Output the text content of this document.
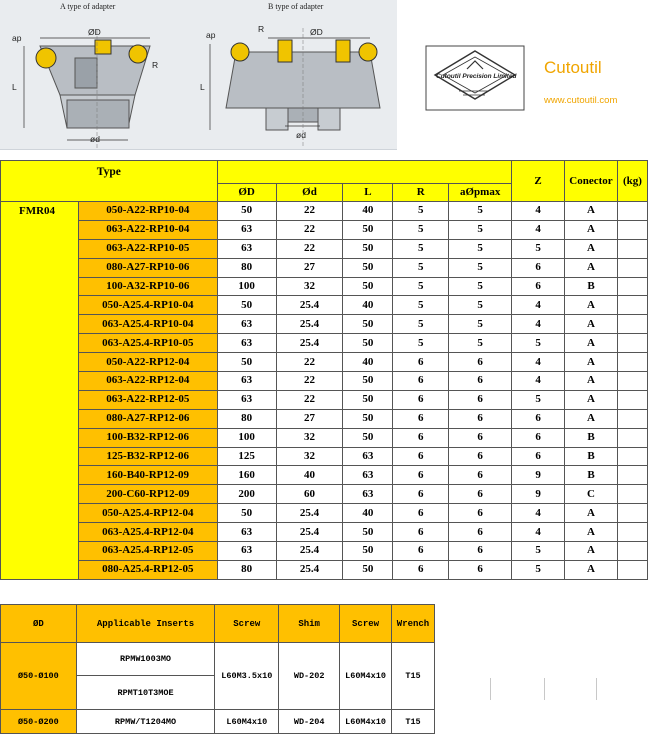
A type of adapter	B type of adapter
ap
ØD
R
L
ød
ap
R	ØD
L
ød
Cutoutil Precision Limited Cutoutil
www.cutoutil.com
Type							Z	Conector	(kg)
		ØD	Ød	L	R	aØpmax			
FMR04	050-A22-RP10-04	50	22	40	5	5	4	A	
	063-A22-RP10-04	63	22	50	5	5	4	A	
	063-A22-RP10-05	63	22	50	5	5	5	A	
	080-A27-RP10-06	80	27	50	5	5	6	A	
	100-A32-RP10-06	100	32	50	5	5	6	B	
	050-A25.4-RP10-04	50	25.4	40	5	5	4	A	
	063-A25.4-RP10-04	63	25.4	50	5	5	4	A	
	063-A25.4-RP10-05	63	25.4	50	5	5	5	A	
	050-A22-RP12-04	50	22	40	6	6	4	A	
	063-A22-RP12-04	63	22	50	6	6	4	A	
	063-A22-RP12-05	63	22	50	6	6	5	A	
	080-A27-RP12-06	80	27	50	6	6	6	A	
	100-B32-RP12-06	100	32	50	6	6	6	B	
	125-B32-RP12-06	125	32	63	6	6	6	B	
	160-B40-RP12-09	160	40	63	6	6	9	B	
	200-C60-RP12-09	200	60	63	6	6	9	C	
	050-A25.4-RP12-04	50	25.4	40	6	6	4	A	
	063-A25.4-RP12-04	63	25.4	50	6	6	4	A	
	063-A25.4-RP12-05	63	25.4	50	6	6	5	A	
	080-A25.4-RP12-05	80	25.4	50	6	6	5	A	
ØD	Applicable Inserts	Screw	Shim	Screw	Wrench
Ø50-Ø100	RPMW1003MO	L60M3.5x10	WD-202	L60M4x10	T15
	RPMT10T3MOE				
Ø50-Ø200	RPMW/T1204MO	L60M4x10	WD-204	L60M4x10	T15
